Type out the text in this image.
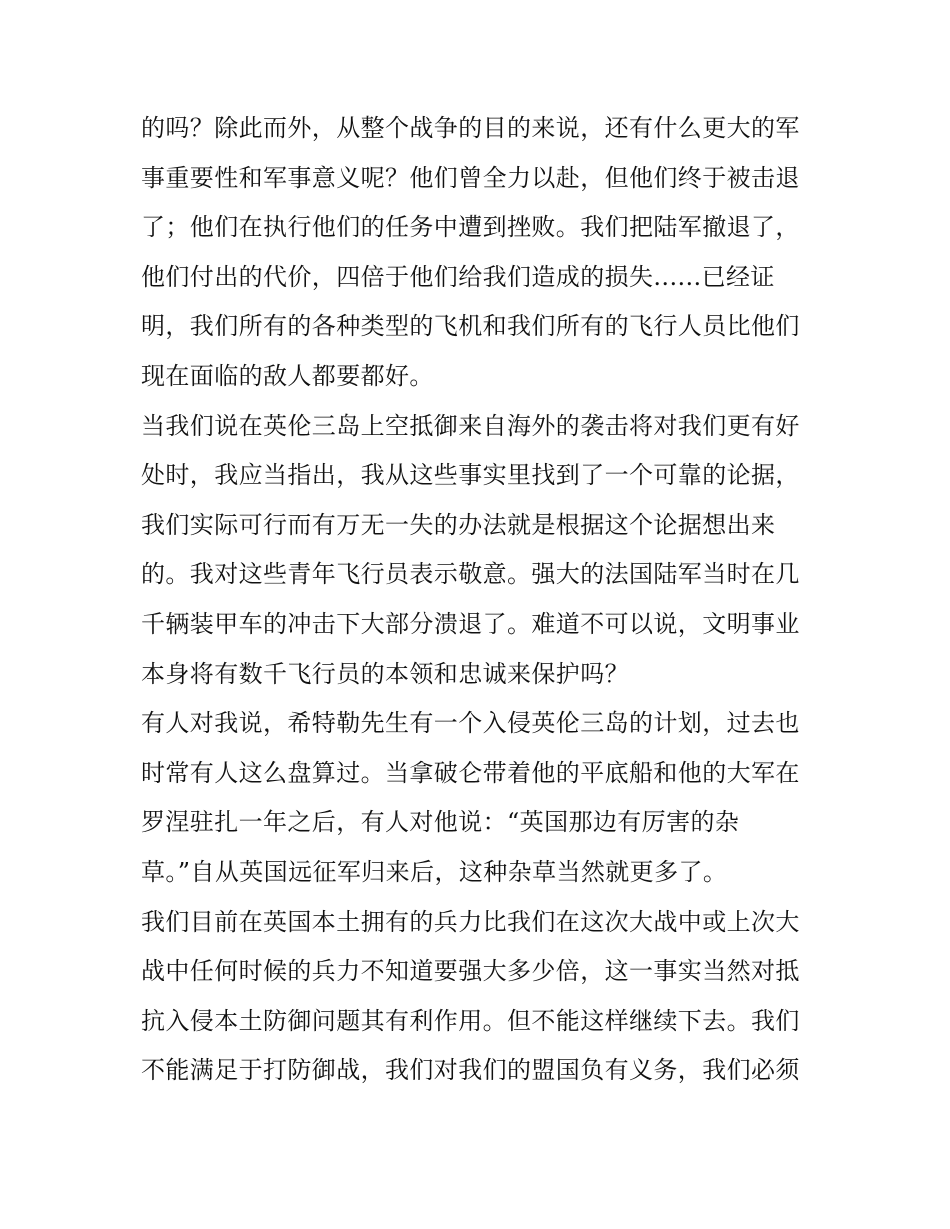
的吗？除此而外，从整个战争的目的来说，还有什么更大的军
事重要性和军事意义呢？他们曾全力以赴，但他们终于被击退
了；他们在执行他们的任务中遭到挫败。我们把陆军撤退了，
他们付出的代价，四倍于他们给我们造成的损失......已经证
明，我们所有的各种类型的飞机和我们所有的飞行人员比他们
现在面临的敌人都要都好。
当我们说在英伦三岛上空抵御来自海外的袭击将对我们更有好
处时，我应当指出，我从这些事实里找到了一个可靠的论据，
我们实际可行而有万无一失的办法就是根据这个论据想出来
的。我对这些青年飞行员表示敬意。强大的法国陆军当时在几
千辆装甲车的冲击下大部分溃退了。难道不可以说，文明事业
本身将有数千飞行员的本领和忠诚来保护吗？
有人对我说，希特勒先生有一个入侵英伦三岛的计划，过去也
时常有人这么盘算过。当拿破仑带着他的平底船和他的大军在
罗涅驻扎一年之后，有人对他说：“英国那边有厉害的杂
草。”自从英国远征军归来后，这种杂草当然就更多了。
我们目前在英国本土拥有的兵力比我们在这次大战中或上次大
战中任何时候的兵力不知道要强大多少倍，这一事实当然对抵
抗入侵本土防御问题其有利作用。但不能这样继续下去。我们
不能满足于打防御战，我们对我们的盟国负有义务，我们必须
